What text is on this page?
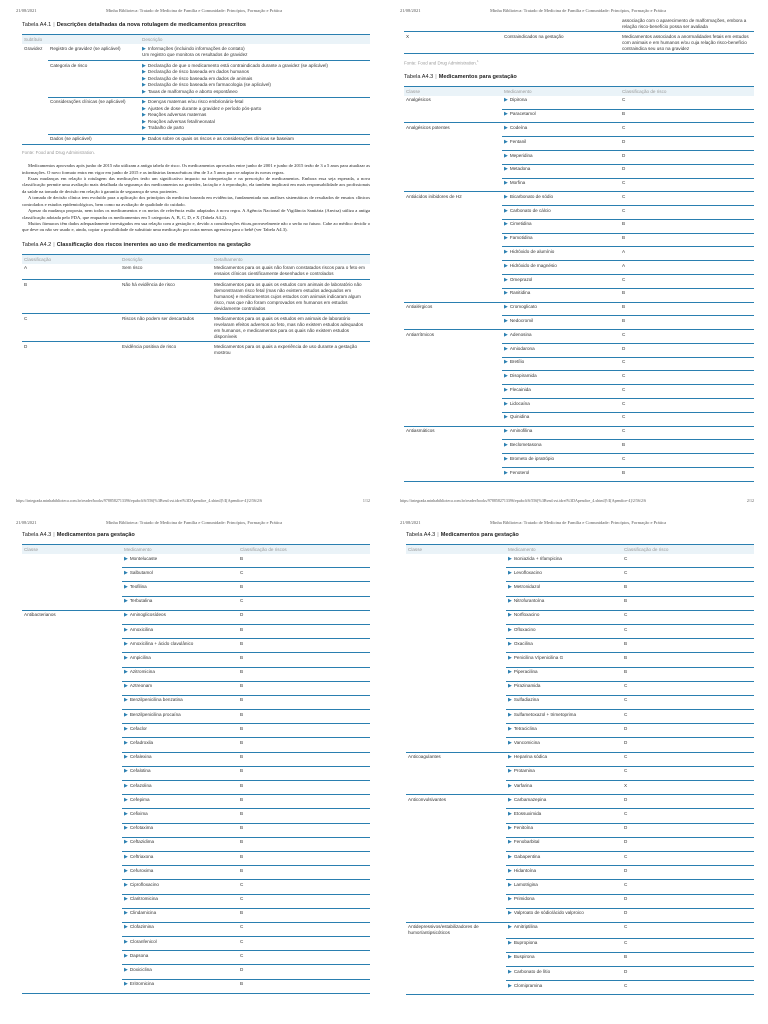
21/08/2021	Minha Biblioteca: Tratado de Medicina de Família e Comunidade: Princípios, Formação e Prática
Tabela A4.1 | Descrições detalhadas da nova rotulagem de medicamentos prescritos
Subtítulo		Descrição
Gravidez	Registro de gravidez (se aplicável)	▶ Informações (incluindo informações de contato)
Um registro que monitora os resultados de gravidez

	Categoria de risco	▶ Declaração de que o medicamento está contraindicado durante a gravidez (se aplicável)
▶ Declaração de risco baseada em dados humanos
▶ Declaração de risco baseada em dados de animais
▶ Declaração de risco baseada em farmacologia (se aplicável)
▶ Taxas de malformação e aborto espontâneo

	Considerações clínicas (se aplicável)	▶ Doenças maternas e/ou risco embrionário-fetal
▶ Ajustes de dose durante a gravidez e período pós-parto
▶ Reações adversas maternas
▶ Reações adversas fetal/neonatal
▶ Trabalho de parto

	Dados (se aplicável)	▶ Dados sobre os quais os riscos e as considerações clínicas se baseiam
Fonte: Food and Drug Administration.

Medicamentos aprovados após junho de 2015 não utilizam a antiga tabela de risco. Os medicamentos aprovados entre junho de 2001 e junho de 2015 terão de 3 a 5 anos para atualizar as informações. O novo formato entra em vigor em junho de 2015 e as indústrias farmacêuticas têm de 3 a 5 anos para se adaptar às novas regras.

Essas mudanças em relação à rotulagem das medicações terão um significativo impacto na interpretação e na prescrição de medicamentos. Embora essa seja esperada, a nova classificação permite uma avaliação mais detalhada da segurança dos medicamentos na gravidez, lactação e à reprodução, ela também implicará em mais responsabilidade aos profissionais da saúde na tomada de decisão em relação à garantia de segurança de seus pacientes.

A tomada de decisão clínica tem evoluído para a aplicação dos princípios da medicina baseada em evidências, fundamentada nas análises sistemáticas de resultados de ensaios clínicos controlados e estudos epidemiológicos, bem como na avaliação de qualidade do cuidado.

Apesar da mudança proposta, nem todos os medicamentos e os meios de referência estão adaptados à nova regra. A Agência Nacional de Vigilância Sanitária (Anvisa) utiliza a antiga classificação adotada pelo FDA, que enquadra os medicamentos em 5 categorias A, B, C, D, e X (Tabela A4.2).

Muitos fármacos têm dados adequadamente investigados em sua relação com a gestação e, devido a considerações éticas,provavelmente não o serão no futuro. Cabe ao médico decidir o que deve ou não ser usado e, ainda, copiar a possibilidade de substituir uma medicação por outra menos agressiva para o bebê (ver Tabela A4.3).

Tabela A4.2 | Classificação dos riscos inerentes ao uso de medicamentos na gestação
Classificação	Descrição	Detalhamento
A	Sem risco	Medicamentos para os quais não foram constatados riscos para o feto em ensaios clínicos cientificamente desenhados e controlados
B	Não há evidência de risco	Medicamentos para os quais os estudos com animais de laboratório não demonstraram risco fetal (mas não existem estudos adequados em humanos) e medicamentos cujos estudos com animais indicaram algum risco, mas que não foram comprovados em humanos em estudos devidamente controlados
C	Riscos não podem ser descartados	Medicamentos para os quais os estudos em animais de laboratório revelaram efeitos adversos ao feto, mas não existem estudos adequados em humanos, e medicamentos para os quais não existem estudos disponíveis
D	Evidência positiva de risco	Medicamentos para os quais a experiência de uso durante a gestação mostrou
https://integrada.minhabiblioteca.com.br/reader/books/9788582713396/epubcfi/6/556[%3Bvnd.vst.idref%3DApendice_4.xhtml]!/4[Apendice-4]/2/56/2/6	1/12
21/08/2021	Minha Biblioteca: Tratado de Medicina de Família e Comunidade: Princípios, Formação e Prática
		associação com o aparecimento de malformações, embora a relação risco-benefício possa ser avaliada
X	Contraindicados na gestação	Medicamentos associados a anormalidades fetais em estudos com animais e em humanos e/ou cuja relação risco-benefício contraindica seu uso na gravidez
Fonte: Food and Drug Administration.$^1$
Tabela A4.3 | Medicamentos para gestação
Classe	Medicamento	Classificação de risco
Analgésicos	▶ Dipirona	C
	▶ Paracetamol	B
Analgésicos potentes	▶ Codeína	C
	▶ Fentanil	D
	▶ Meperidina	D
	▶ Metadona	D
	▶ Morfina	C
Antiácidos inibidores de H2	▶ Bicarbonato de sódio	C
	▶ Carbonato de cálcio	C
	▶ Cimetidina	B
	▶ Famotidina	B
	▶ Hidróxido de alumínio	A
	▶ Hidróxido de magnésio	A
	▶ Omeprazol	C
	▶ Ranitidina	B
Antialérgicos	▶ Cromoglicato	B
	▶ Nedocromil	B
Antiarrítmicos	▶ Adenosina	C
	▶ Amiodarona	D
	▶ Bretílio	C
	▶ Disopiramida	C
	▶ Flecainida	C
	▶ Lidocaína	C
	▶ Quinidina	C
Antiasmáticos	▶ Aminofilina	C
	▶ Beclometasona	B
	▶ Brometo de ipratrópio	C
	▶ Fenoterol	B
https://integrada.minhabiblioteca.com.br/reader/books/9788582713396/epubcfi/6/556[%3Bvnd.vst.idref%3DApendice_4.xhtml]!/4[Apendice-4]/2/56/2/6	2/12
21/08/2021	Minha Biblioteca: Tratado de Medicina de Família e Comunidade: Princípios, Formação e Prática
Tabela A4.3 | Medicamentos para gestação
Classe	Medicamento	Classificação de riscos
	▶ Montelucaste	B
	▶ Salbutamol	C
	▶ Teofilina	B
	▶ Terbutalina	C
Antibacterianos	▶ Aminoglicosídeos	D
	▶ Amoxicilina	B
	▶ Amoxicilina + ácido clavulânico	B
	▶ Ampicilina	B
	▶ Azitromicina	B
	▶ Aztreonam	B
	▶ Benzilpenicilina benzatina	B
	▶ Benzilpenicilina procaína	B
	▶ Cefaclor	B
	▶ Cefadroxila	B
	▶ Cefalexina	B
	▶ Cefalotina	B
	▶ Cefazolina	B
	▶ Cefepima	B
	▶ Cefixima	B
	▶ Cefotaxima	B
	▶ Ceftazidima	B
	▶ Ceftriaxona	B
	▶ Cefuroxima	B
	▶ Ciprofloxacino	C
	▶ Claritromicina	C
	▶ Clindamicina	B
	▶ Clofazimina	C
	▶ Cloranfenicol	C
	▶ Dapsona	C
	▶ Doxiciclina	D
	▶ Eritromicina	B
21/08/2021	Minha Biblioteca: Tratado de Medicina de Família e Comunidade: Princípios, Formação e Prática
Tabela A4.3 | Medicamentos para gestação
Classe	Medicamento	Classificação de risco
	▶ Isoniazida + rifampicina	C
	▶ Levofloxacino	C
	▶ Metronidazol	B
	▶ Nitrofurantoína	B
	▶ Norfloxacino	C
	▶ Ofloxacino	C
	▶ Oxacilina	B
	▶ Penicilina V/penicilina G	B
	▶ Piperacilina	B
	▶ Pirazinamida	C
	▶ Sulfadiazina	C
	▶ Sulfametoxazol + trimetoprima	C
	▶ Tetraciclina	D
	▶ Vancomicina	D
Anticoagulantes	▶ Heparina sódica	C
	▶ Protamina	C
	▶ Varfarina	X
Anticonvulsivantes	▶ Carbamazepina	D
	▶ Etossuximida	C
	▶ Fenitoína	D
	▶ Fenobarbital	D
	▶ Gabapentina	C
	▶ Hidantoína	D
	▶ Lamotrigina	C
	▶ Primidona	D
	▶ Valproato de sódio/ácido valproico	D
Antidepressivos/estabilizadores de humor/antipsicóticos	▶ Amitriptilina	C
	▶ Bupropiona	C
	▶ Buspirona	B
	▶ Carbonato de lítio	D
	▶ Clomipramina	C
